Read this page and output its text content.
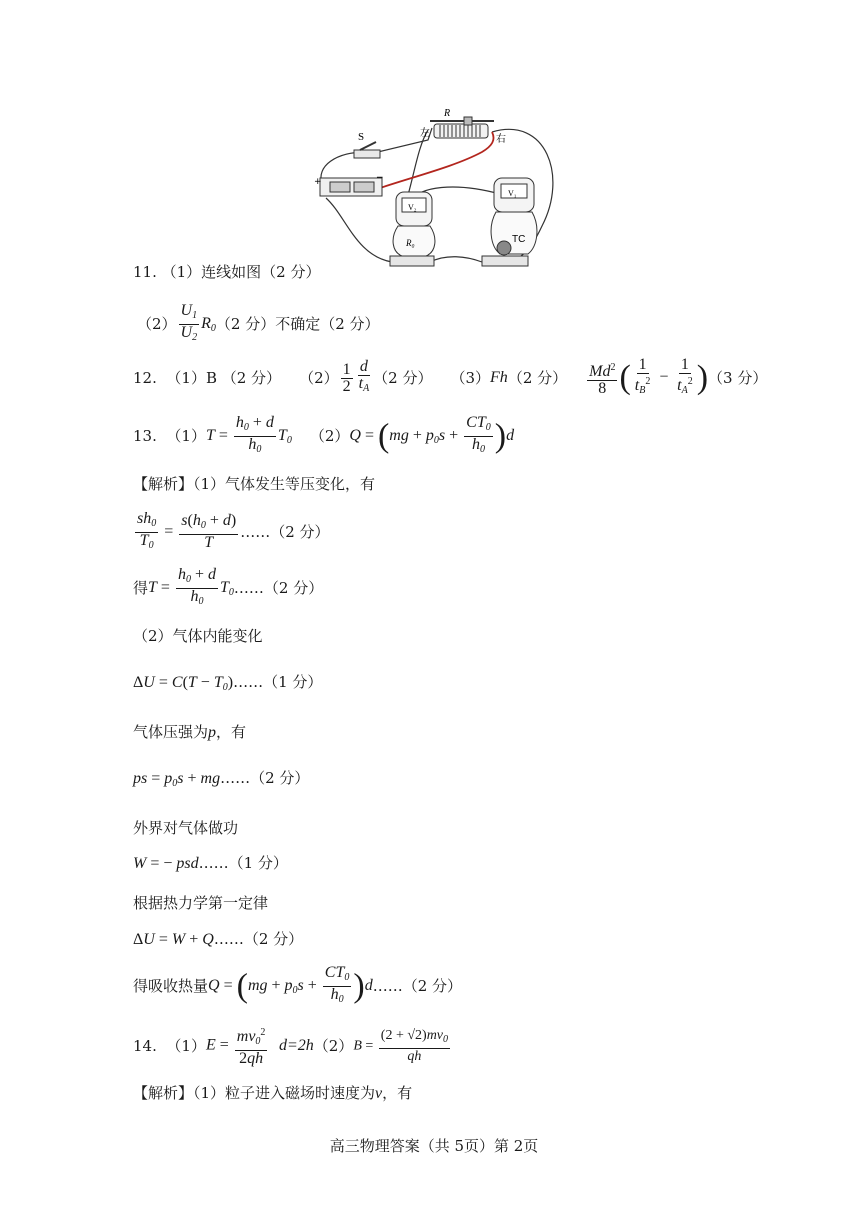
S
R
左
右
+	−
V₂
R₀
V₁
TC
11. （1）连线如图（2 分）
$(2) \frac{U_1}{U_2} R_0$ （2 分）不确定（2 分）
12.
（1）B （2 分） $(2) \frac{1}{2} \frac{d}{t_A} (2$ 分） （3） Fh （2 分） $\frac{Md^2}{8}$ ( $\frac{1}{t_B^2} - \frac{1}{t_A^2}$ ) （3 分）
13.
（1） $T = \frac{h_0 + d}{h_0} T_0$ （2） $Q = (mg + p_0s + \frac{CT_0}{h_0} )d$
【解析】（1）气体发生等压变化，有
$\frac{sh_0}{T_0} = \frac{s(h_0 + d)}{T}$ ……（2 分）
得 $T = \frac{h_0 + d}{h_0} T_0$ ……（2 分）
（2）气体内能变化
$\Delta U = C(T - T_0)\dots\dots(1$ 分）
气体压强为p，有
ps = $p_0s$ + mg……（2 分）
外界对气体做功
W = − psd……（1 分）
根据热力学第一定律
ΔU = W + Q……（2 分）
得吸收热量 $Q = (mg + p_0s + \frac{CT_0}{h_0} )d$ ……（2 分）
14.
（1） $E = \frac{mv_0^2}{2qh}$
d=2h （2） $B = \frac{(2 + √2)mv_0}{qh}$
【解析】（1）粒子进入磁场时速度为v，有
高三物理答案（共 5页）第 2页
